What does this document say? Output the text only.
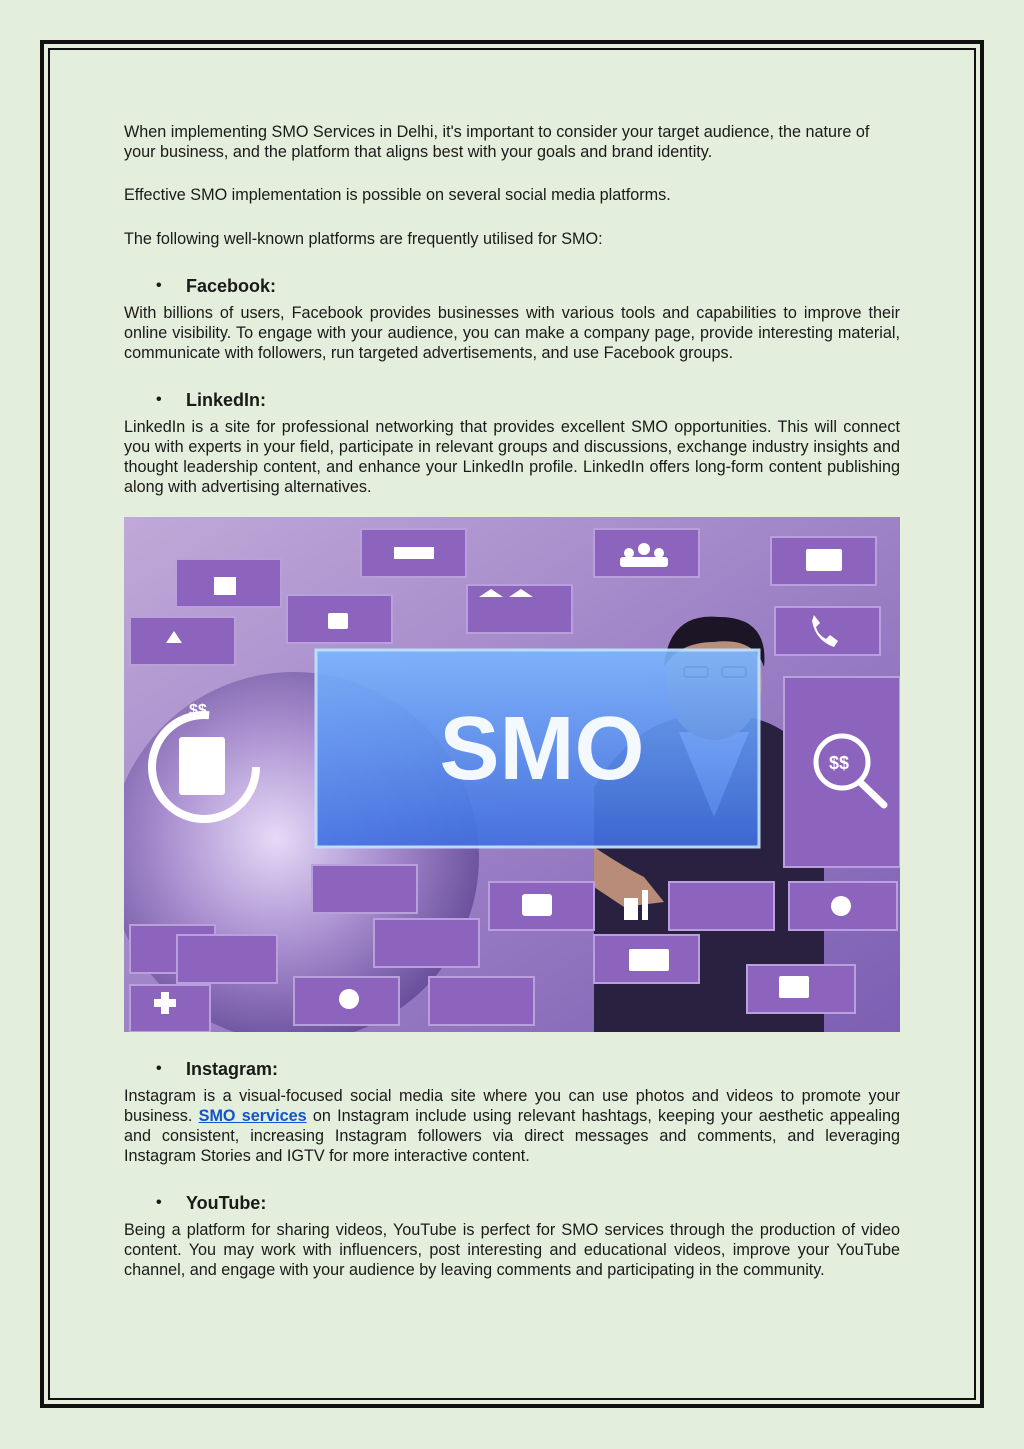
When implementing SMO Services in Delhi, it's important to consider your target audience, the nature of your business, and the platform that aligns best with your goals and brand identity.

Effective SMO implementation is possible on several social media platforms.

The following well-known platforms are frequently utilised for SMO:

• Facebook:

With billions of users, Facebook provides businesses with various tools and capabilities to improve their online visibility. To engage with your audience, you can make a company page, provide interesting material, communicate with followers, run targeted advertisements, and use Facebook groups.

• LinkedIn:

LinkedIn is a site for professional networking that provides excellent SMO opportunities. This will connect you with experts in your field, participate in relevant groups and discussions, exchange industry insights and thought leadership content, and enhance your LinkedIn profile. LinkedIn offers long-form content publishing along with advertising alternatives.

$$
$$	SMO
• Instagram:

Instagram is a visual-focused social media site where you can use photos and videos to promote your business. SMO services on Instagram include using relevant hashtags, keeping your aesthetic appealing and consistent, increasing Instagram followers via direct messages and comments, and leveraging Instagram Stories and IGTV for more interactive content.

• YouTube:

Being a platform for sharing videos, YouTube is perfect for SMO services through the production of video content. You may work with influencers, post interesting and educational videos, improve your YouTube channel, and engage with your audience by leaving comments and participating in the community.
